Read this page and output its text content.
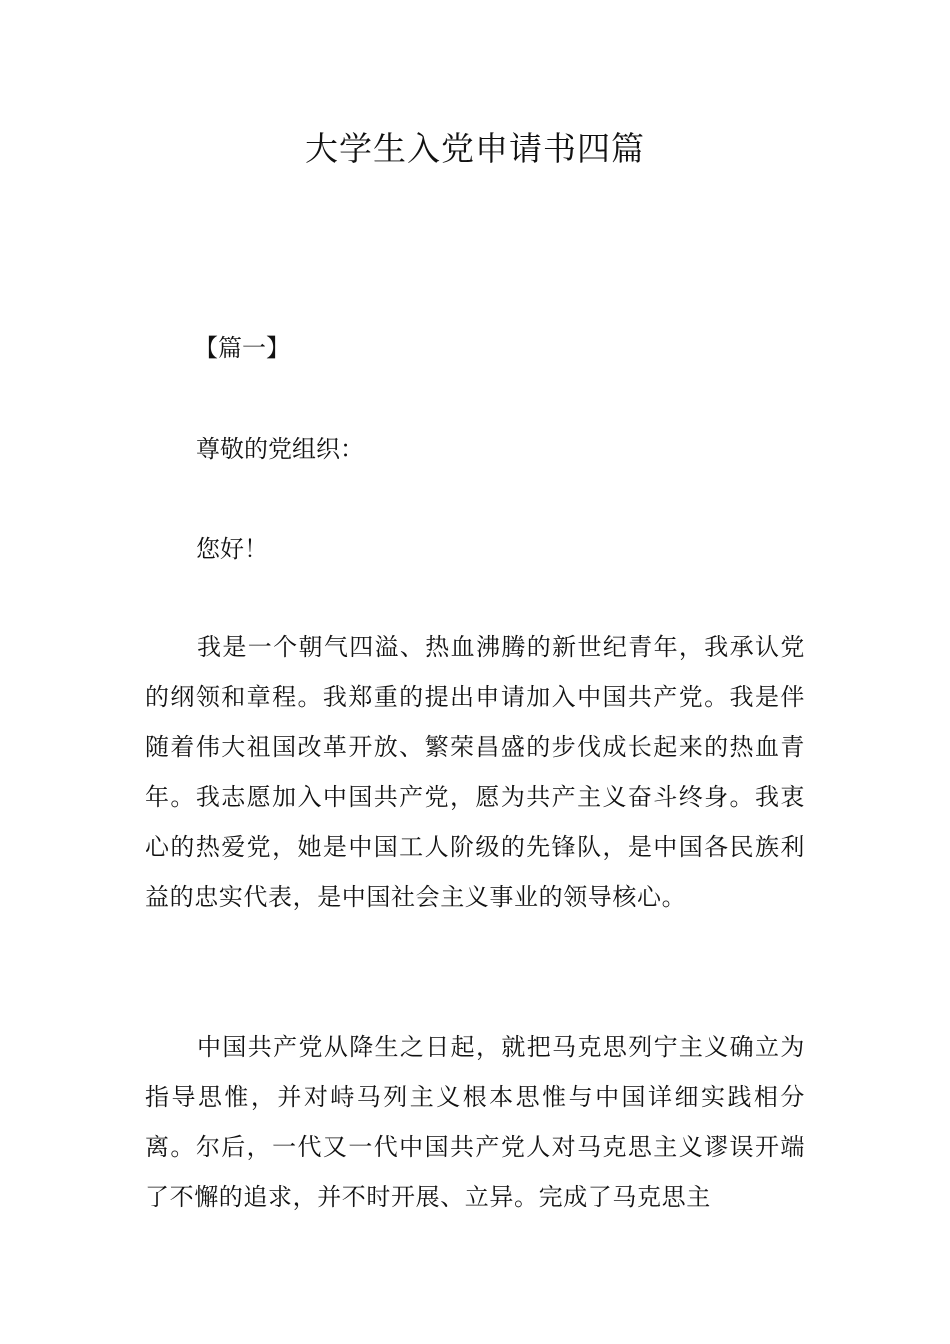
大学生入党申请书四篇

【篇一】

尊敬的党组织：

您好！

我是一个朝气四溢、热血沸腾的新世纪青年，我承认党的纲领和章程。我郑重的提出申请加入中国共产党。我是伴随着伟大祖国改革开放、繁荣昌盛的步伐成长起来的热血青年。我志愿加入中国共产党，愿为共产主义奋斗终身。我衷心的热爱党，她是中国工人阶级的先锋队，是中国各民族利益的忠实代表，是中国社会主义事业的领导核心。

中国共产党从降生之日起，就把马克思列宁主义确立为指导思惟，并对峙马列主义根本思惟与中国详细实践相分离。尔后，一代又一代中国共产党人对马克思主义谬误开端了不懈的追求，并不时开展、立异。完成了马克思主
